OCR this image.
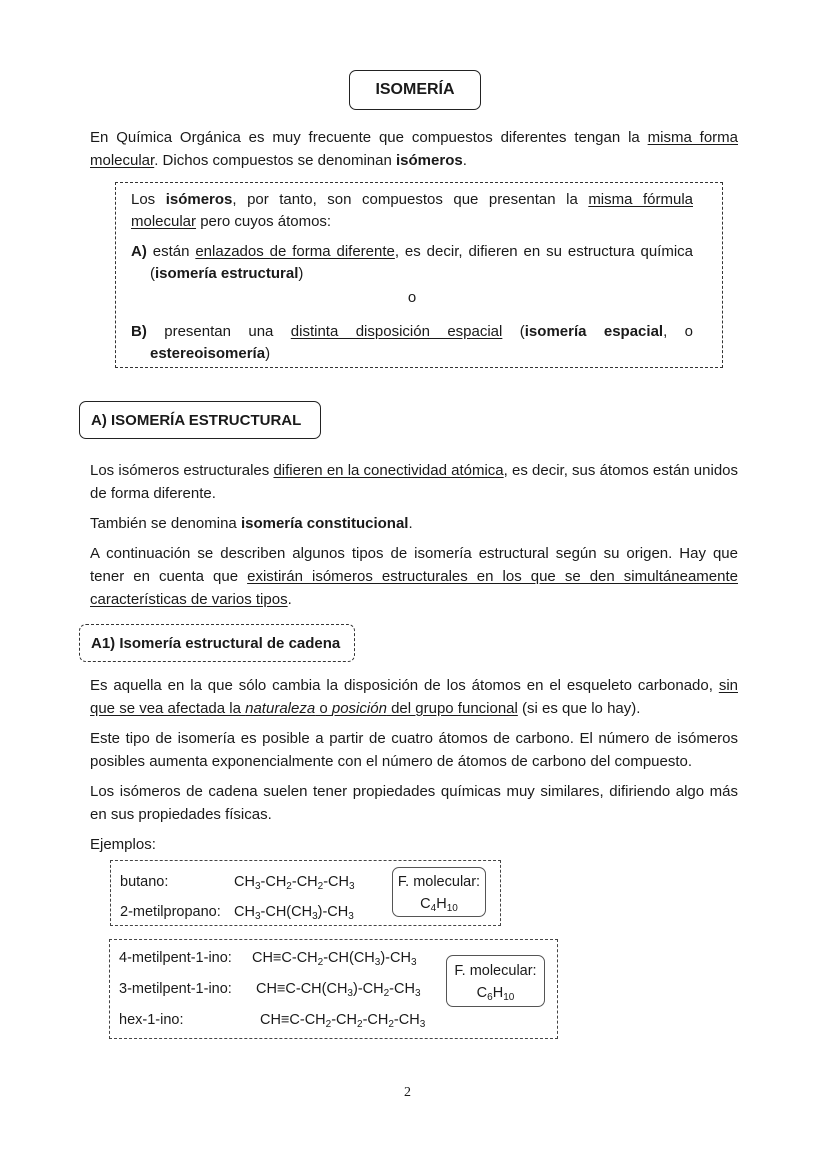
ISOMERÍA

En Química Orgánica es muy frecuente que compuestos diferentes tengan la misma forma molecular. Dichos compuestos se denominan isómeros.

Los isómeros, por tanto, son compuestos que presentan la misma fórmula molecular pero cuyos átomos:

A) están enlazados de forma diferente, es decir, difieren en su estructura química (isomería estructural)

o

B) presentan una distinta disposición espacial (isomería espacial, o estereoisomería)

A) ISOMERÍA ESTRUCTURAL

Los isómeros estructurales difieren en la conectividad atómica, es decir, sus átomos están unidos de forma diferente.

También se denomina isomería constitucional.

A continuación se describen algunos tipos de isomería estructural según su origen. Hay que tener en cuenta que existirán isómeros estructurales en los que se den simultáneamente características de varios tipos.

A1) Isomería estructural de cadena

Es aquella en la que sólo cambia la disposición de los átomos en el esqueleto carbonado, sin que se vea afectada la naturaleza o posición del grupo funcional (si es que lo hay).

Este tipo de isomería es posible a partir de cuatro átomos de carbono. El número de isómeros posibles aumenta exponencialmente con el número de átomos de carbono del compuesto.

Los isómeros de cadena suelen tener propiedades químicas muy similares, difiriendo algo más en sus propiedades físicas.

Ejemplos:

butano:	$CH_3-CH_2-CH_2-CH_3$
2-metilpropano: $CH_3-CH(CH_3)-CH_3$
F. molecular:
$C_4H_{10}$
4-metilpent-1-ino: $CH\equiv C-CH_2-CH(CH_3)-CH_3$
3-metilpent-1-ino: $CH\equiv C-CH(CH_3)-CH_2-CH_3$
hex-1-ino:	$CH\equiv C-CH_2-CH_2-CH_2-CH_3$
F. molecular:
$C_6H_{10}$
2
